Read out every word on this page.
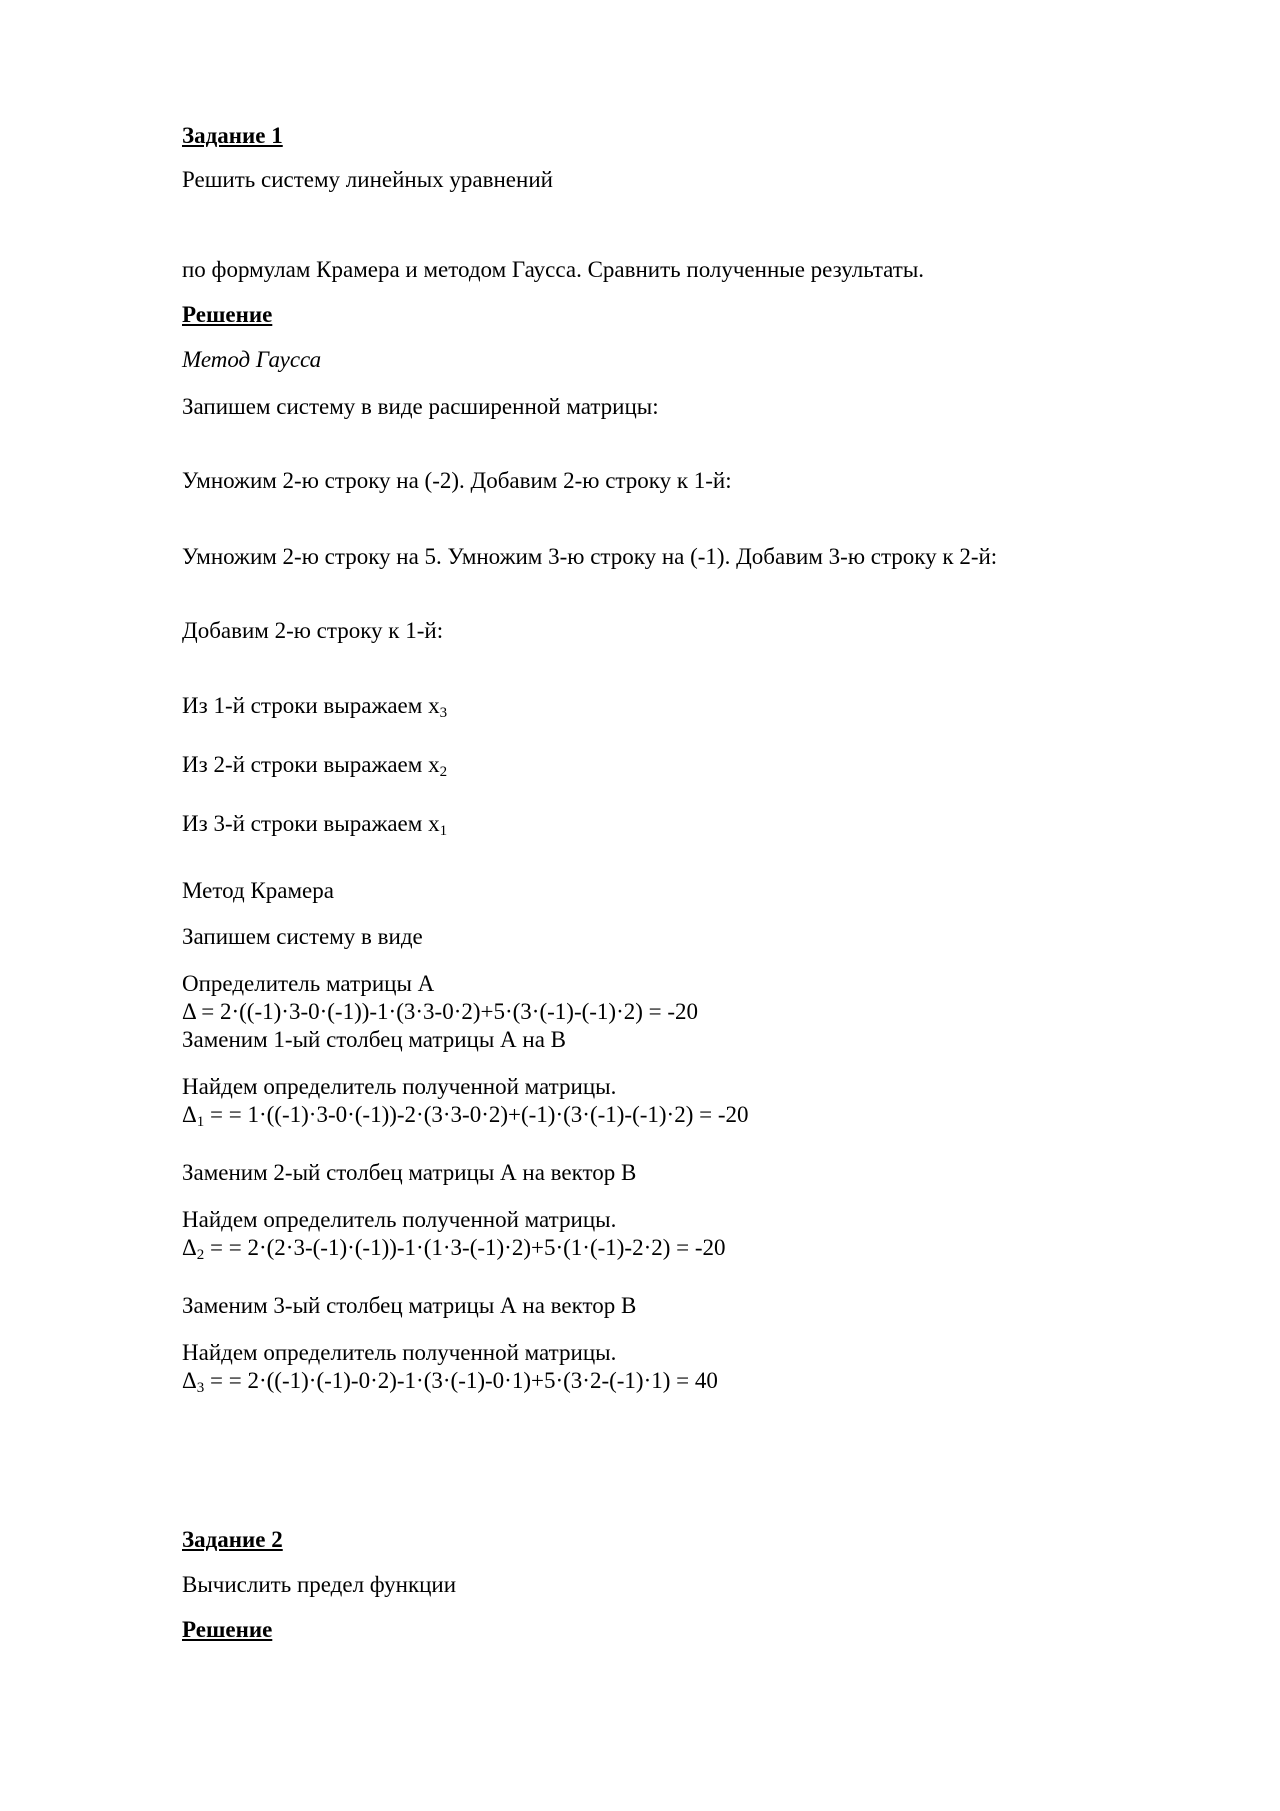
Задание 1
Решить систему линейных уравнений
по формулам Крамера и методом Гаусса. Сравнить полученные результаты.
Решение
Метод Гаусса
Запишем систему в виде расширенной матрицы:
Умножим 2-ю строку на (-2). Добавим 2-ю строку к 1-й:
Умножим 2-ю строку на 5. Умножим 3-ю строку на (-1). Добавим 3-ю строку к 2-й:
Добавим 2-ю строку к 1-й:
Из 1-й строки выражаем $x_3$
Из 2-й строки выражаем $x_2$
Из 3-й строки выражаем $x_1$
Метод Крамера
Запишем систему в виде
Определитель матрицы А
Δ = 2·((-1)·3-0·(-1))-1·(3·3-0·2)+5·(3·(-1)-(-1)·2) = -20
Заменим 1-ый столбец матрицы А на B
Найдем определитель полученной матрицы.
$\Delta_1$ = = 1·((-1)·3-0·(-1))-2·(3·3-0·2)+(-1)·(3·(-1)-(-1)·2) = -20
Заменим 2-ый столбец матрицы А на вектор B
Найдем определитель полученной матрицы.
$\Delta_2$ = = 2·(2·3-(-1)·(-1))-1·(1·3-(-1)·2)+5·(1·(-1)-2·2) = -20
Заменим 3-ый столбец матрицы А на вектор B
Найдем определитель полученной матрицы.
$\Delta_3$ = = 2·((-1)·(-1)-0·2)-1·(3·(-1)-0·1)+5·(3·2-(-1)·1) = 40
Задание 2
Вычислить предел функции
Решение
